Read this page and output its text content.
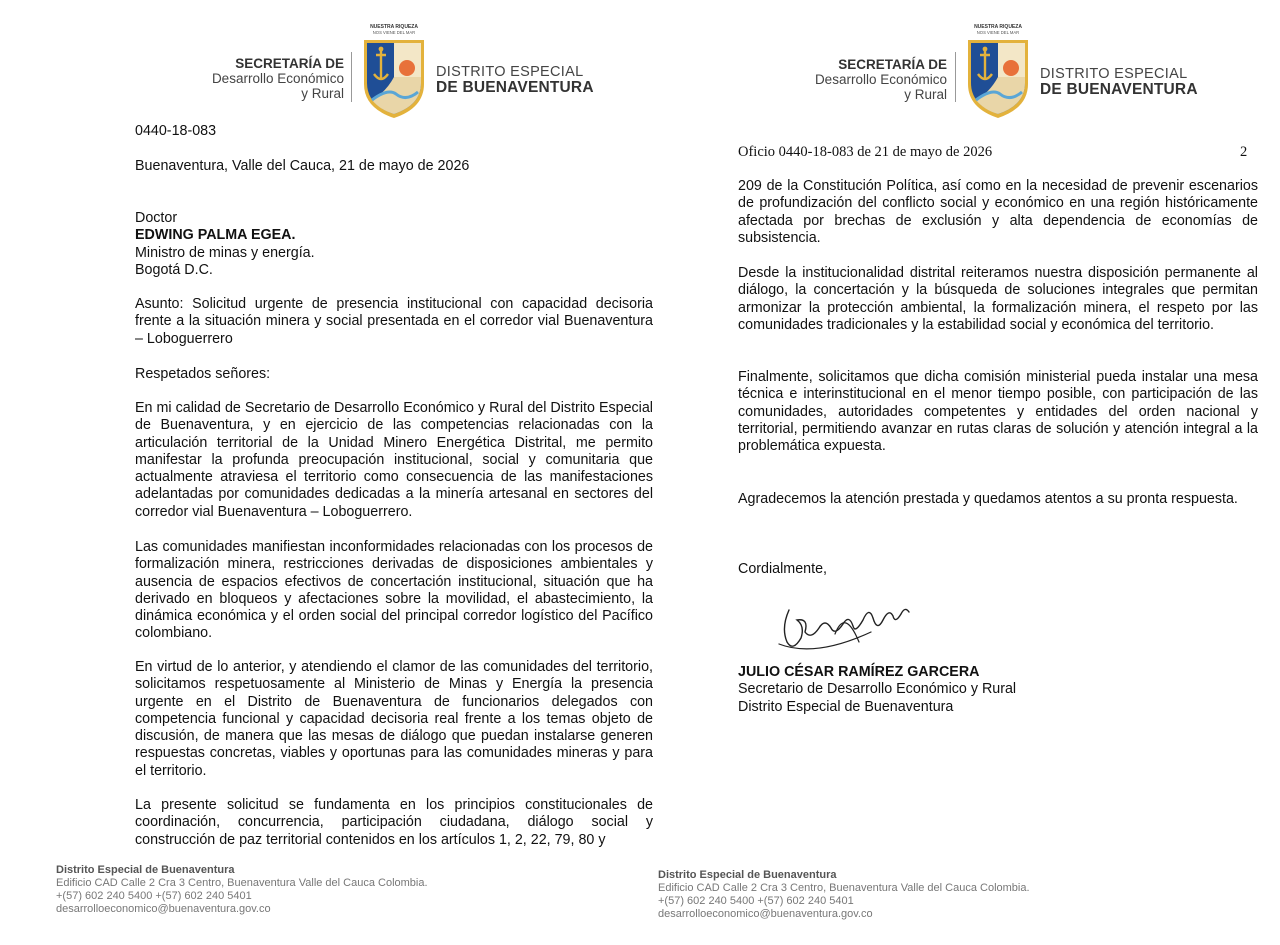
SECRETARÍA DE
Desarrollo Económico
y Rural
NUESTRA RIQUEZA
NOS VIENE DEL MAR
DISTRITO ESPECIAL
DE BUENAVENTURA
0440-18-083
Buenaventura, Valle del Cauca, 21 de mayo de 2026

Doctor

EDWING PALMA EGEA.

Ministro de minas y energía.

Bogotá D.C.

Asunto: Solicitud urgente de presencia institucional con capacidad decisoria frente a la situación minera y social presentada en el corredor vial Buenaventura – Loboguerrero
Respetados señores:
En mi calidad de Secretario de Desarrollo Económico y Rural del Distrito Especial de Buenaventura, y en ejercicio de las competencias relacionadas con la articulación territorial de la Unidad Minero Energética Distrital, me permito manifestar la profunda preocupación institucional, social y comunitaria que actualmente atraviesa el territorio como consecuencia de las manifestaciones adelantadas por comunidades dedicadas a la minería artesanal en sectores del corredor vial Buenaventura – Loboguerrero.
Las comunidades manifiestan inconformidades relacionadas con los procesos de formalización minera, restricciones derivadas de disposiciones ambientales y ausencia de espacios efectivos de concertación institucional, situación que ha derivado en bloqueos y afectaciones sobre la movilidad, el abastecimiento, la dinámica económica y el orden social del principal corredor logístico del Pacífico colombiano.
En virtud de lo anterior, y atendiendo el clamor de las comunidades del territorio, solicitamos respetuosamente al Ministerio de Minas y Energía la presencia urgente en el Distrito de Buenaventura de funcionarios delegados con competencia funcional y capacidad decisoria real frente a los temas objeto de discusión, de manera que las mesas de diálogo que puedan instalarse generen respuestas concretas, viables y oportunas para las comunidades mineras y para el territorio.
La presente solicitud se fundamenta en los principios constitucionales de coordinación, concurrencia, participación ciudadana, diálogo social y construcción de paz territorial contenidos en los artículos 1, 2, 22, 79, 80 y
Distrito Especial de Buenaventura
Edificio CAD Calle 2 Cra 3 Centro, Buenaventura Valle del Cauca Colombia.
+(57) 602 240 5400 +(57) 602 240 5401
desarrolloeconomico@buenaventura.gov.co
SECRETARÍA DE
Desarrollo Económico
y Rural
NUESTRA RIQUEZA
NOS VIENE DEL MAR
DISTRITO ESPECIAL
DE BUENAVENTURA
Oficio 0440-18-083 de 21 de mayo de 2026	2
209 de la Constitución Política, así como en la necesidad de prevenir escenarios de profundización del conflicto social y económico en una región históricamente afectada por brechas de exclusión y alta dependencia de economías de subsistencia.
Desde la institucionalidad distrital reiteramos nuestra disposición permanente al diálogo, la concertación y la búsqueda de soluciones integrales que permitan armonizar la protección ambiental, la formalización minera, el respeto por las comunidades tradicionales y la estabilidad social y económica del territorio.
Finalmente, solicitamos que dicha comisión ministerial pueda instalar una mesa técnica e interinstitucional en el menor tiempo posible, con participación de las comunidades, autoridades competentes y entidades del orden nacional y territorial, permitiendo avanzar en rutas claras de solución y atención integral a la problemática expuesta.
Agradecemos la atención prestada y quedamos atentos a su pronta respuesta.
Cordialmente,

JULIO CÉSAR RAMÍREZ GARCERA

Secretario de Desarrollo Económico y Rural

Distrito Especial de Buenaventura

Distrito Especial de Buenaventura
Edificio CAD Calle 2 Cra 3 Centro, Buenaventura Valle del Cauca Colombia.
+(57) 602 240 5400 +(57) 602 240 5401
desarrolloeconomico@buenaventura.gov.co
